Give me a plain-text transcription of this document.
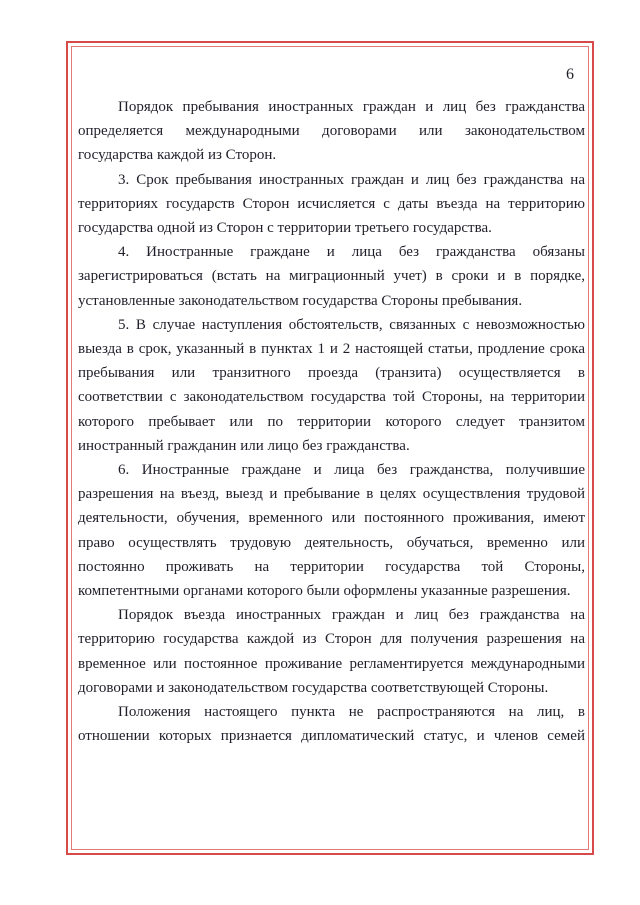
6

Порядок пребывания иностранных граждан и лиц без гражданства определяется международными договорами или законодательством государства каждой из Сторон.

3. Срок пребывания иностранных граждан и лиц без гражданства на территориях государств Сторон исчисляется с даты въезда на территорию государства одной из Сторон с территории третьего государства.

4. Иностранные граждане и лица без гражданства обязаны зарегистрироваться (встать на миграционный учет) в сроки и в порядке, установленные законодательством государства Стороны пребывания.

5. В случае наступления обстоятельств, связанных с невозможностью выезда в срок, указанный в пунктах 1 и 2 настоящей статьи, продление срока пребывания или транзитного проезда (транзита) осуществляется в соответствии с законодательством государства той Стороны, на территории которого пребывает или по территории которого следует транзитом иностранный гражданин или лицо без гражданства.

6. Иностранные граждане и лица без гражданства, получившие разрешения на въезд, выезд и пребывание в целях осуществления трудовой деятельности, обучения, временного или постоянного проживания, имеют право осуществлять трудовую деятельность, обучаться, временно или постоянно проживать на территории государства той Стороны, компетентными органами которого были оформлены указанные разрешения.

Порядок въезда иностранных граждан и лиц без гражданства на территорию государства каждой из Сторон для получения разрешения на временное или постоянное проживание регламентируется международными договорами и законодательством государства соответствующей Стороны.

Положения настоящего пункта не распространяются на лиц, в отношении которых признается дипломатический статус, и членов семей
